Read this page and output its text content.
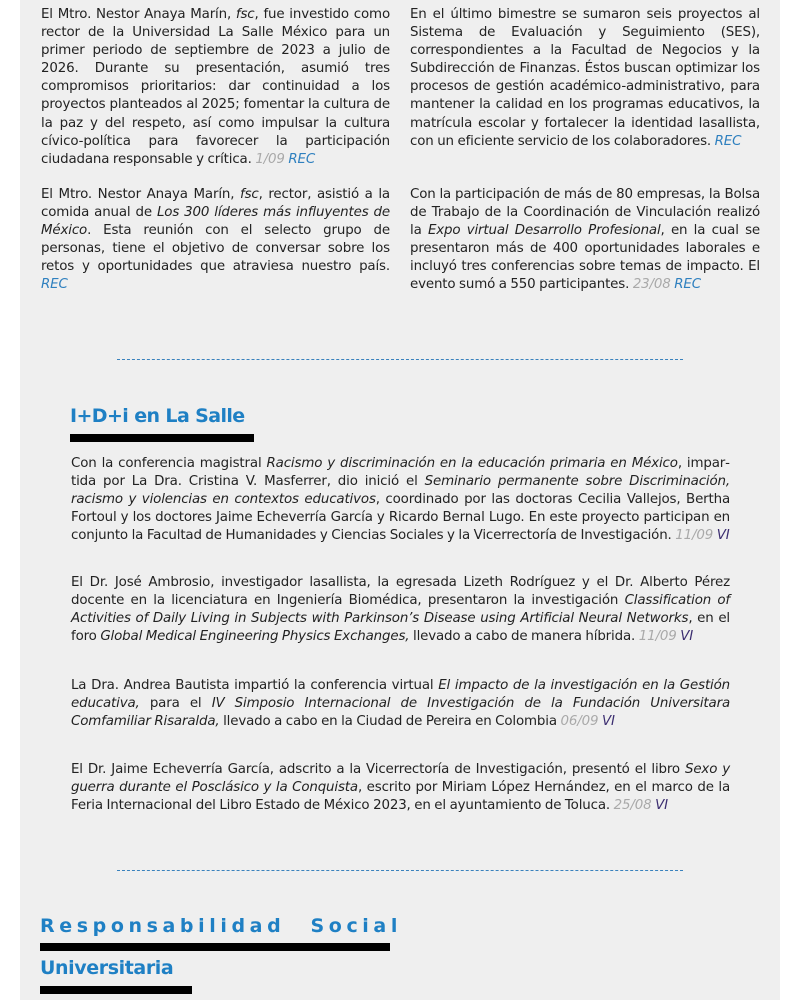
El Mtro. Nestor Anaya Marín, fsc, fue investido como rector de la Universidad La Salle México para un primer periodo de septiembre de 2023 a julio de 2026. Durante su presentación, asumió tres compromisos prioritarios: dar continuidad a los proyectos planteados al 2025; fomentar la cultura de la paz y del respeto, así como impulsar la cultura cívico-política para favorecer la participación ciudadana responsable y crítica. 1/09 REC

El Mtro. Nestor Anaya Marín, fsc, rector, asistió a la comida anual de Los 300 líderes más influyentes de México. Esta reunión con el selecto grupo de personas, tiene el objetivo de conversar sobre los retos y oportunidades que atraviesa nuestro país. REC

En el último bimestre se sumaron seis proyectos al Sistema de Evaluación y Seguimiento (SES), correspondientes a la Facultad de Negocios y la Subdirección de Finanzas. Éstos buscan optimizar los procesos de gestión académico-administrativo, para mantener la calidad en los programas educativos, la matrícula escolar y fortalecer la identidad lasallista, con un eficiente servicio de los colaboradores. REC

Con la participación de más de 80 empresas, la Bolsa de Trabajo de la Coordinación de Vinculación realizó la Expo virtual Desarrollo Profesional, en la cual se presentaron más de 400 oportunidades laborales e incluyó tres conferencias sobre temas de impacto. El evento sumó a 550 participantes. 23/08 REC

I+D+i en La Salle

Con la conferencia magistral Racismo y discriminación en la educación primaria en México, impartida por La Dra. Cristina V. Masferrer, dio inició el Seminario permanente sobre Discriminación, racismo y violencias en contextos educativos, coordinado por las doctoras Cecilia Vallejos, Bertha Fortoul y los doctores Jaime Echeverría García y Ricardo Bernal Lugo. En este proyecto participan en conjunto la Facultad de Humanidades y Ciencias Sociales y la Vicerrectoría de Investigación. 11/09 VI

El Dr. José Ambrosio, investigador lasallista, la egresada Lizeth Rodríguez y el Dr. Alberto Pérez docente en la licenciatura en Ingeniería Biomédica, presentaron la investigación Classification of Activities of Daily Living in Subjects with Parkinson’s Disease using Artificial Neural Networks, en el foro Global Medical Engineering Physics Exchanges, llevado a cabo de manera híbrida. 11/09 VI

La Dra. Andrea Bautista impartió la conferencia virtual El impacto de la investigación en la Gestión educativa, para el IV Simposio Internacional de Investigación de la Fundación Universitara Comfamiliar Risaralda, llevado a cabo en la Ciudad de Pereira en Colombia 06/09 VI

El Dr. Jaime Echeverría García, adscrito a la Vicerrectoría de Investigación, presentó el libro Sexo y guerra durante el Posclásico y la Conquista, escrito por Miriam López Hernández, en el marco de la Feria Internacional del Libro Estado de México 2023, en el ayuntamiento de Toluca. 25/08 VI

Responsabilidad Social
Universitaria
